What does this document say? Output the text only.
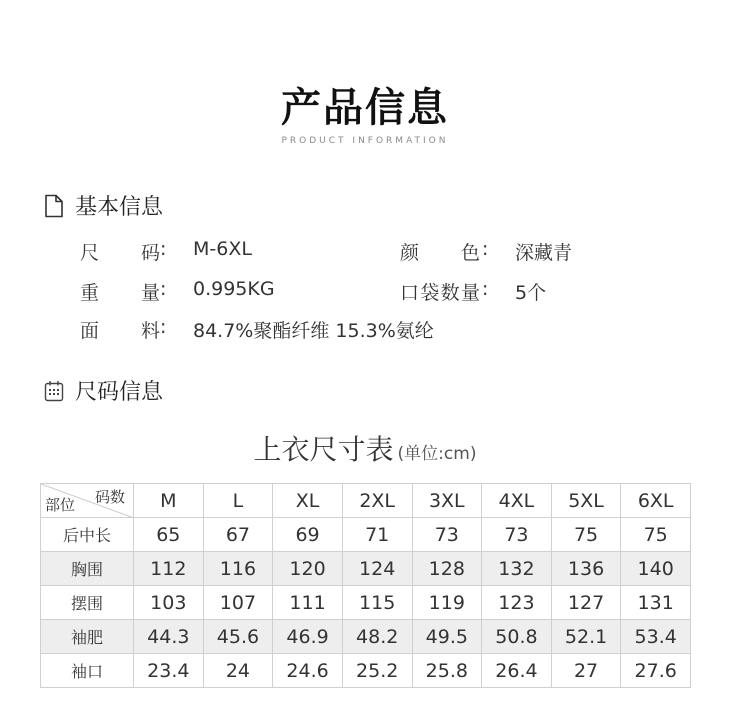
产品信息
PRODUCT INFORMATION
基本信息
尺 码 : M-6XL	颜 色 : 深藏青
重 量 : 0.995KG	口 袋 数 量 : 5个
面 料 : 84.7%聚酯纤维 15.3%氨纶
尺码信息
上衣尺寸表 (单位:cm)
码数
部位	M	L	XL	2XL	3XL	4XL	5XL	6XL
后中长	65	67	69	71	73	73	75	75
胸围	112	116	120	124	128	132	136	140
摆围	103	107	111	115	119	123	127	131
袖肥	44.3	45.6	46.9	48.2	49.5	50.8	52.1	53.4
袖口	23.4	24	24.6	25.2	25.8	26.4	27	27.6
